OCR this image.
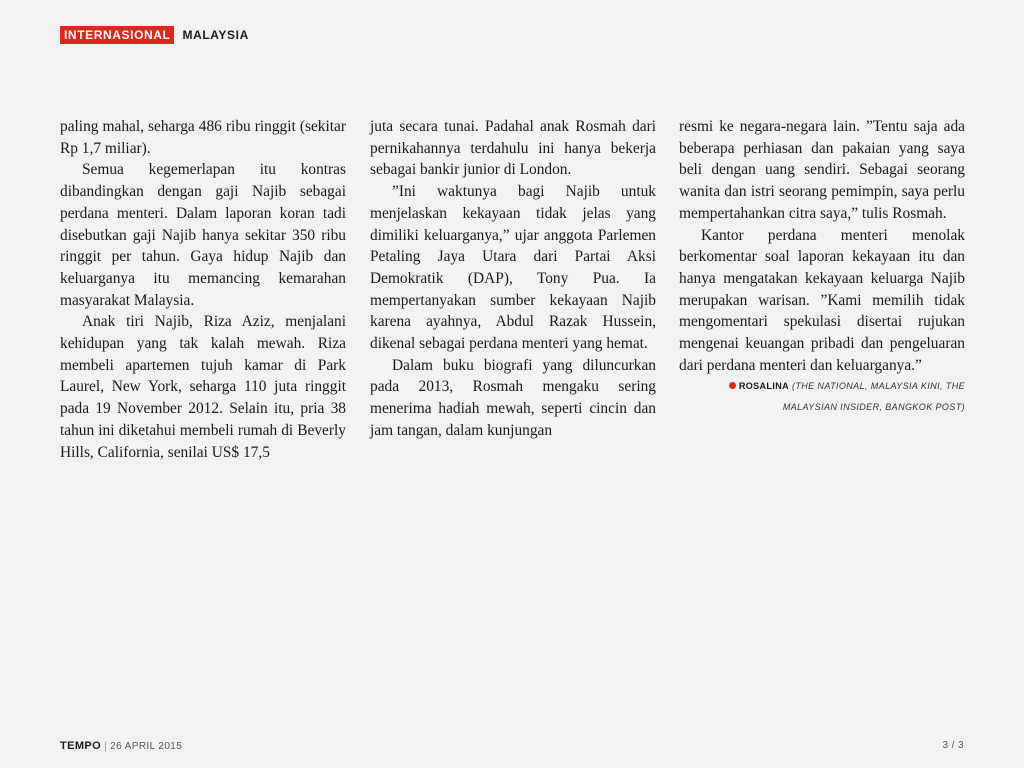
INTERNASIONAL	MALAYSIA

paling mahal, seharga 486 ribu ringgit (sekitar Rp 1,7 miliar).

Semua kegemerlapan itu kontras dibandingkan dengan gaji Najib sebagai perdana menteri. Dalam laporan koran tadi disebutkan gaji Najib hanya sekitar 350 ribu ringgit per tahun. Gaya hidup Najib dan keluarganya itu memancing kemarahan masyarakat Malaysia.

Anak tiri Najib, Riza Aziz, menjalani kehidupan yang tak kalah mewah. Riza membeli apartemen tujuh kamar di Park Laurel, New York, seharga 110 juta ringgit pada 19 November 2012. Selain itu, pria 38 tahun ini diketahui membeli rumah di Beverly Hills, California, senilai US$ 17,5

juta secara tunai. Padahal anak Rosmah dari pernikahannya terdahulu ini hanya bekerja sebagai bankir junior di London.

”Ini waktunya bagi Najib untuk menjelaskan kekayaan tidak jelas yang dimiliki keluarganya,” ujar anggota Parlemen Petaling Jaya Utara dari Partai Aksi Demokratik (DAP), Tony Pua. Ia mempertanyakan sumber kekayaan Najib karena ayahnya, Abdul Razak Hussein, dikenal sebagai perdana menteri yang hemat.

Dalam buku biografi yang diluncurkan pada 2013, Rosmah mengaku sering menerima hadiah mewah, seperti cincin dan jam tangan, dalam kunjungan

resmi ke negara-negara lain. ”Tentu saja ada beberapa perhiasan dan pakaian yang saya beli dengan uang sendiri. Sebagai seorang wanita dan istri seorang pemimpin, saya perlu mempertahankan citra saya,” tulis Rosmah.

Kantor perdana menteri menolak berkomentar soal laporan kekayaan itu dan hanya mengatakan kekayaan keluarga Najib merupakan warisan. ”Kami memilih tidak mengomentari spekulasi disertai rujukan mengenai keuangan pribadi dan pengeluaran dari perdana menteri dan keluarganya.”

ROSALINA (THE NATIONAL, MALAYSIA KINI, THE MALAYSIAN INSIDER, BANGKOK POST)
TEMPO | 26 APRIL 2015	3 / 3
